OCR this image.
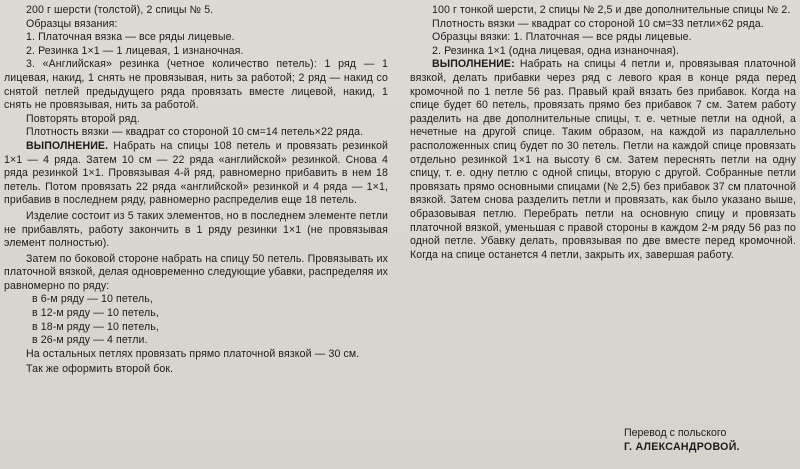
200 г шерсти (толстой), 2 спицы № 5.

Образцы вязания:

1. Платочная вязка — все ряды лицевые.

2. Резинка 1×1 — 1 лицевая, 1 изнаночная.

3. «Английская» резинка (четное количество петель): 1 ряд — 1 лицевая, накид, 1 снять не провязывая, нить за работой; 2 ряд — накид со снятой петлей предыдущего ряда провязать вместе лицевой, накид, 1 снять не провязывая, нить за работой.

Повторять второй ряд.

Плотность вязки — квадрат со стороной 10 см=14 петель×22 ряда.

ВЫПОЛНЕНИЕ. Набрать на спицы 108 петель и провязать резинкой 1×1 — 4 ряда. Затем 10 см — 22 ряда «английской» резинкой. Снова 4 ряда резинкой 1×1. Провязывая 4-й ряд, равномерно прибавить в нем 18 петель. Потом провязать 22 ряда «английской» резинкой и 4 ряда — 1×1, прибавив в последнем ряду, равномерно распределив еще 18 петель.

Изделие состоит из 5 таких элементов, но в последнем элементе петли не прибавлять, работу закончить в 1 ряду резинки 1×1 (не провязывая элемент полностью).

Затем по боковой стороне набрать на спицу 50 петель. Провязывать их платочной вязкой, делая одновременно следующие убавки, распределяя их равномерно по ряду:

в 6-м ряду — 10 петель,

в 12-м ряду — 10 петель,

в 18-м ряду — 10 петель,

в 26-м ряду — 4 петли.

На остальных петлях провязать прямо платочной вязкой — 30 см.

Так же оформить второй бок.

100 г тонкой шерсти, 2 спицы № 2,5 и две дополнительные спицы № 2.

Плотность вязки — квадрат со стороной 10 см=33 петли×62 ряда.

Образцы вязки: 1. Платочная — все ряды лицевые.

2. Резинка 1×1 (одна лицевая, одна изнаночная).

ВЫПОЛНЕНИЕ: Набрать на спицы 4 петли и, провязывая платочной вязкой, делать прибавки через ряд с левого края в конце ряда перед кромочной по 1 петле 56 раз. Правый край вязать без прибавок. Когда на спице будет 60 петель, провязать прямо без прибавок 7 см. Затем работу разделить на две дополнительные спицы, т. е. четные петли на одной, а нечетные на другой спице. Таким образом, на каждой из параллельно расположенных спиц будет по 30 петель. Петли на каждой спице провязать отдельно резинкой 1×1 на высоту 6 см. Затем переснять петли на одну спицу, т. е. одну петлю с одной спицы, вторую с другой. Собранные петли провязать прямо основными спицами (№ 2,5) без прибавок 37 см платочной вязкой. Затем снова разделить петли и провязать, как было указано выше, образовывая петлю. Перебрать петли на основную спицу и провязать платочной вязкой, уменьшая с правой стороны в каждом 2-м ряду 56 раз по одной петле. Убавку делать, провязывая по две вместе перед кромочной. Когда на спице останется 4 петли, закрыть их, завершая работу.

Перевод с польского

Г. АЛЕКСАНДРОВОЙ.
